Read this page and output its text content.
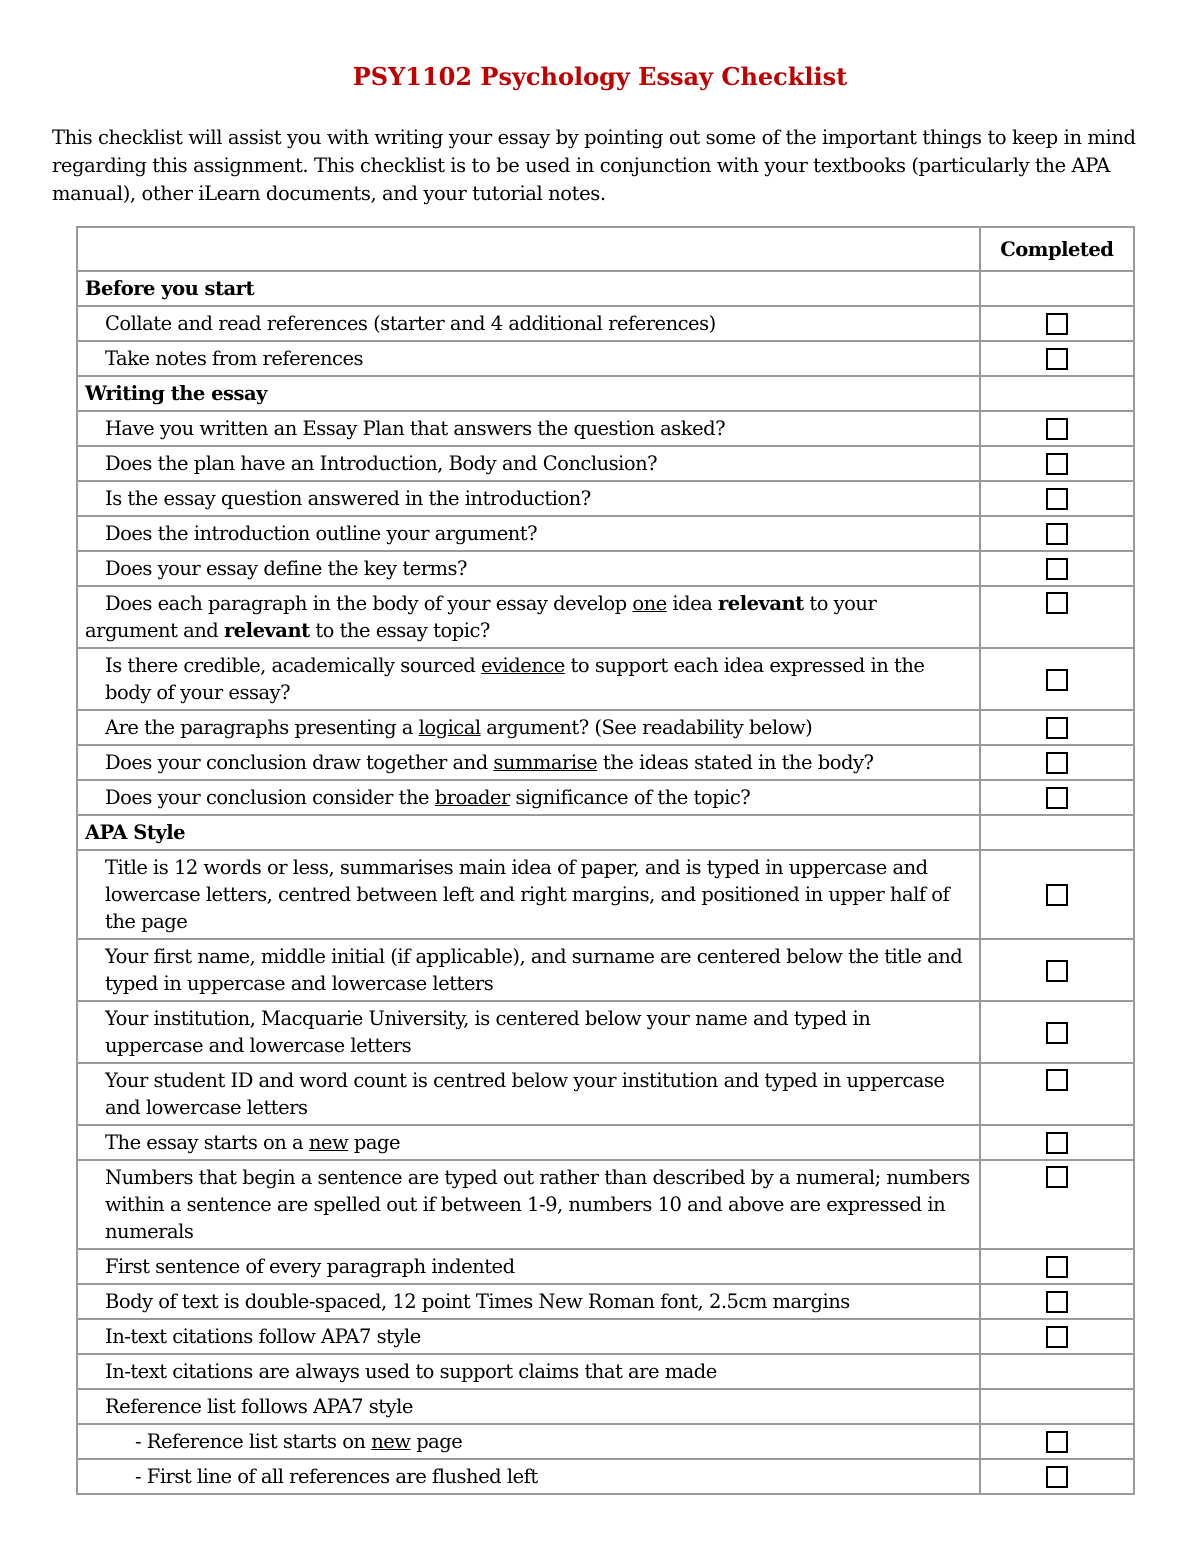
PSY1102 Psychology Essay Checklist
This checklist will assist you with writing your essay by pointing out some of the important things to keep in mind regarding this assignment. This checklist is to be used in conjunction with your textbooks (particularly the APA manual), other iLearn documents, and your tutorial notes.
	Completed
Before you start	

Collate and read references (starter and 4 additional references)	

Take notes from references	

Writing the essay	

Have you written an Essay Plan that answers the question asked?	

Does the plan have an Introduction, Body and Conclusion?	

Is the essay question answered in the introduction?	

Does the introduction outline your argument?	

Does your essay define the key terms?	

Does each paragraph in the body of your essay develop one idea relevant to your argument and relevant to the essay topic?	

Is there credible, academically sourced evidence to support each idea expressed in the body of your essay?	

Are the paragraphs presenting a logical argument? (See readability below)	

Does your conclusion draw together and summarise the ideas stated in the body?	

Does your conclusion consider the broader significance of the topic?	

APA Style	

Title is 12 words or less, summarises main idea of paper, and is typed in uppercase and lowercase letters, centred between left and right margins, and positioned in upper half of the page	

Your first name, middle initial (if applicable), and surname are centered below the title and typed in uppercase and lowercase letters	

Your institution, Macquarie University, is centered below your name and typed in uppercase and lowercase letters	

Your student ID and word count is centred below your institution and typed in uppercase and lowercase letters	

The essay starts on a new page	

Numbers that begin a sentence are typed out rather than described by a numeral; numbers within a sentence are spelled out if between 1-9, numbers 10 and above are expressed in numerals	

First sentence of every paragraph indented	

Body of text is double-spaced, 12 point Times New Roman font, 2.5cm margins	

In-text citations follow APA7 style	

In-text citations are always used to support claims that are made	

Reference list follows APA7 style	

- Reference list starts on new page	

- First line of all references are flushed left	
